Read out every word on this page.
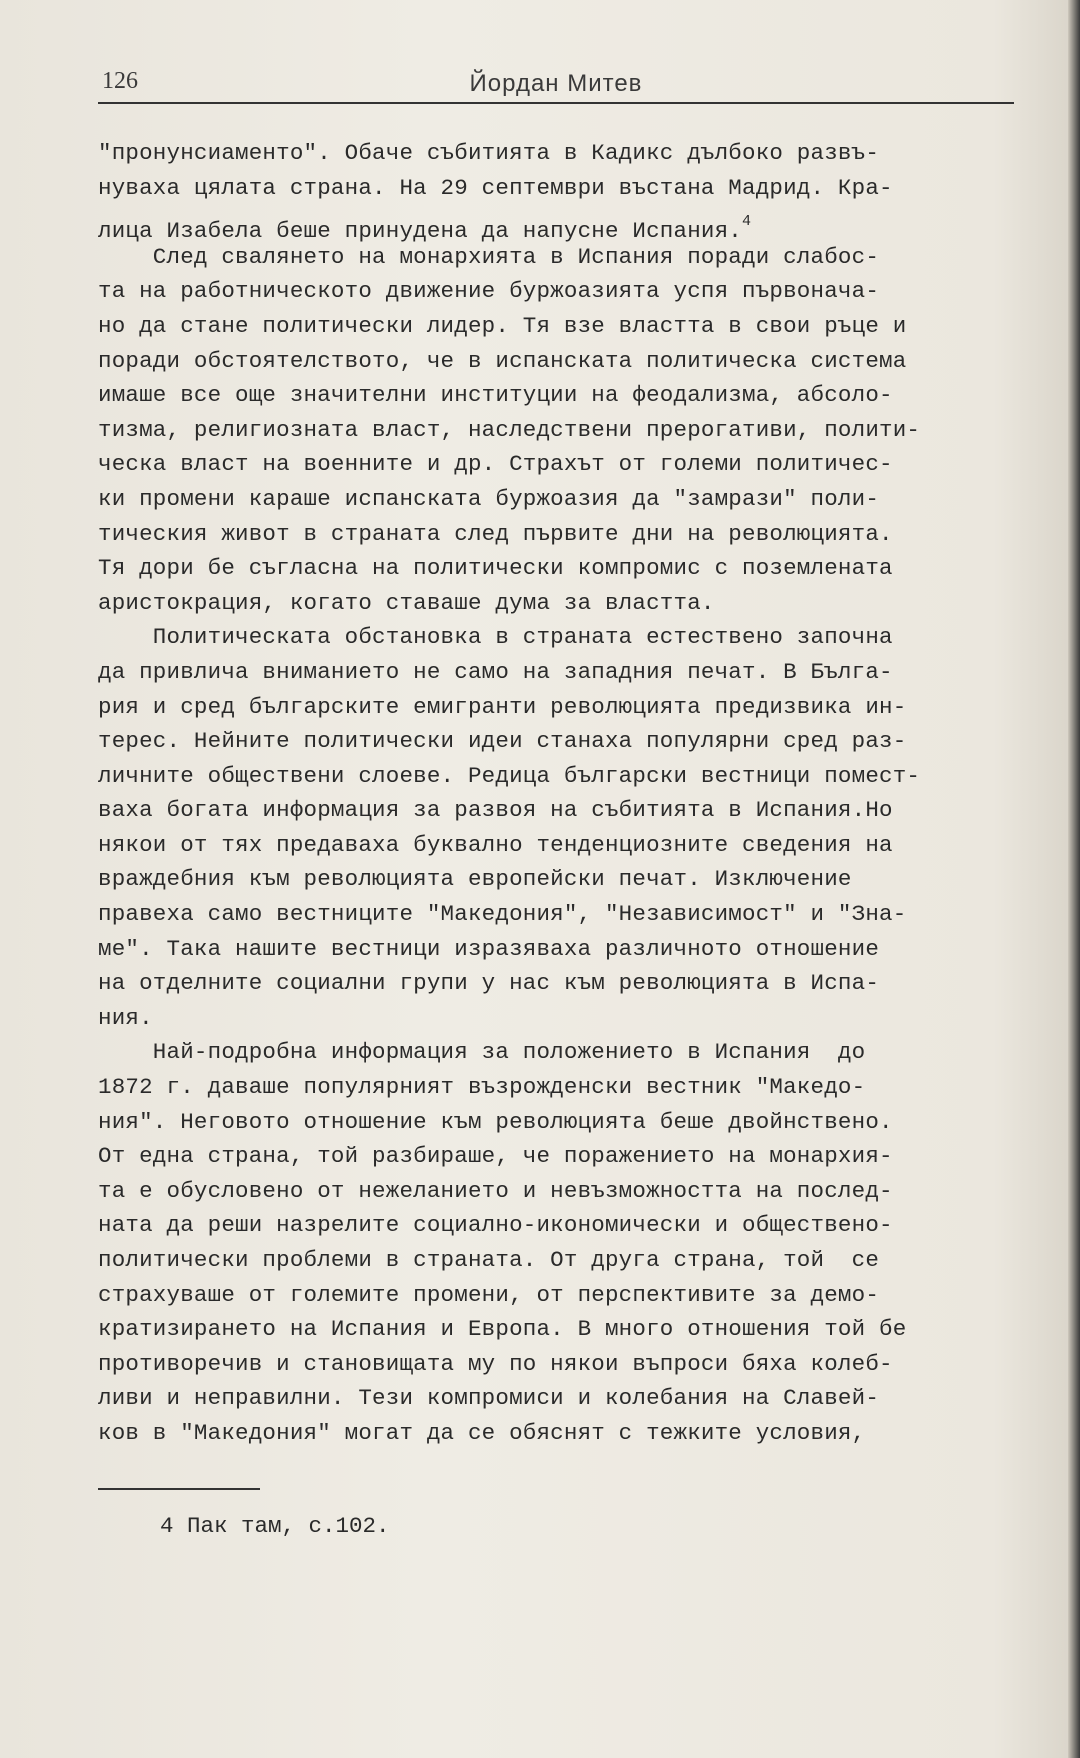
126	Йордан Митев
"пронунсиаменто". Обаче събитията в Кадикс дълбоко развъ-
нуваха цялата страна. На 29 септември въстана Мадрид. Кра-
лица Изабела беше принудена да напусне Испания.$^4$
След свалянето на монархията в Испания поради слабос-
та на работническото движение буржоазията успя първонача-
но да стане политически лидер. Тя взе властта в свои ръце и
поради обстоятелството, че в испанската политическа система
имаше все още значителни институции на феодализма, абсоло-
тизма, религиозната власт, наследствени прерогативи, полити-
ческа власт на военните и др. Страхът от големи политичес-
ки промени караше испанската буржоазия да "замрази" поли-
тическия живот в страната след първите дни на революцията.
Тя дори бе съгласна на политически компромис с поземлената
аристокрация, когато ставаше дума за властта.
Политическата обстановка в страната естествено започна
да привлича вниманието не само на западния печат. В Бълга-
рия и сред българските емигранти революцията предизвика ин-
терес. Нейните политически идеи станаха популярни сред раз-
личните обществени слоеве. Редица български вестници помест-
ваха богата информация за развоя на събитията в Испания.Но
някои от тях предаваха буквално тенденциозните сведения на
враждебния към революцията европейски печат. Изключение
правеха само вестниците "Македония", "Независимост" и "Зна-
ме". Така нашите вестници изразяваха различното отношение
на отделните социални групи у нас към революцията в Испа-
ния.
Най-подробна информация за положението в Испания  до
1872 г. даваше популярният възрожденски вестник "Македо-
ния". Неговото отношение към революцията беше двойнствено.
От една страна, той разбираше, че поражението на монархия-
та е обусловено от нежеланието и невъзможността на послед-
ната да реши назрелите социално-икономически и обществено-
политически проблеми в страната. От друга страна, той  се
страхуваше от големите промени, от перспективите за демо-
кратизирането на Испания и Европа. В много отношения той бе
противоречив и становищата му по някои въпроси бяха колеб-
ливи и неправилни. Тези компромиси и колебания на Славей-
ков в "Македония" могат да се обяснят с тежките условия,
4 Пак там, с.102.
